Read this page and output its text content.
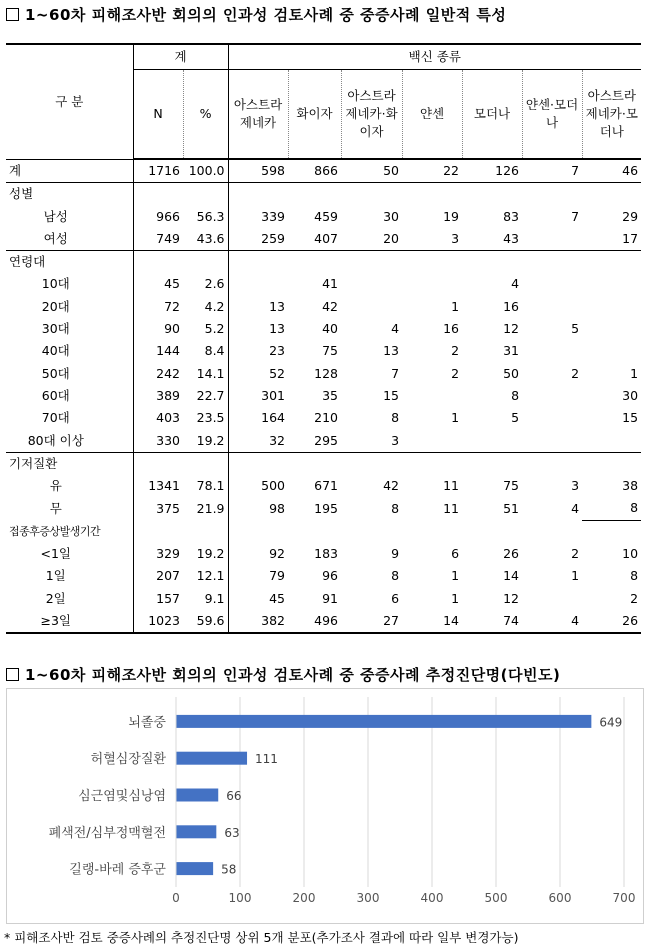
1~60차 피해조사반 회의의 인과성 검토사례 중 중증사례 일반적 특성
구 분	계		백신 종류						
	N	%	아스트라제네카	화이자	아스트라제네카·화이자	얀센	모더나	얀센·모더나	아스트라제네카·모더나
계	1716	100.0	598	866	50	22	126	7	46
성별									
남성	966	56.3	339	459	30	19	83	7	29
여성	749	43.6	259	407	20	3	43		17
연령대									
10대	45	2.6		41			4		
20대	72	4.2	13	42		1	16		
30대	90	5.2	13	40	4	16	12	5	
40대	144	8.4	23	75	13	2	31		
50대	242	14.1	52	128	7	2	50	2	1
60대	389	22.7	301	35	15		8		30
70대	403	23.5	164	210	8	1	5		15
80대 이상	330	19.2	32	295	3				
기저질환									
유	1341	78.1	500	671	42	11	75	3	38
무	375	21.9	98	195	8	11	51	4	8
접종후증상발생기간									
<1일	329	19.2	92	183	9	6	26	2	10
1일	207	12.1	79	96	8	1	14	1	8
2일	157	9.1	45	91	6	1	12		2
≥3일	1023	59.6	382	496	27	14	74	4	26
1~60차 피해조사반 회의의 인과성 검토사례 중 중증사례 추정진단명(다빈도)
0	100	200	300	400	500	600	700
뇌졸중	649
허혈심장질환	111
심근염및심낭염	66
폐색전/심부정맥혈전	63
길랭-바레 증후군	58
* 피해조사반 검토 중증사례의 추정진단명 상위 5개 분포(추가조사 결과에 따라 일부 변경가능)
